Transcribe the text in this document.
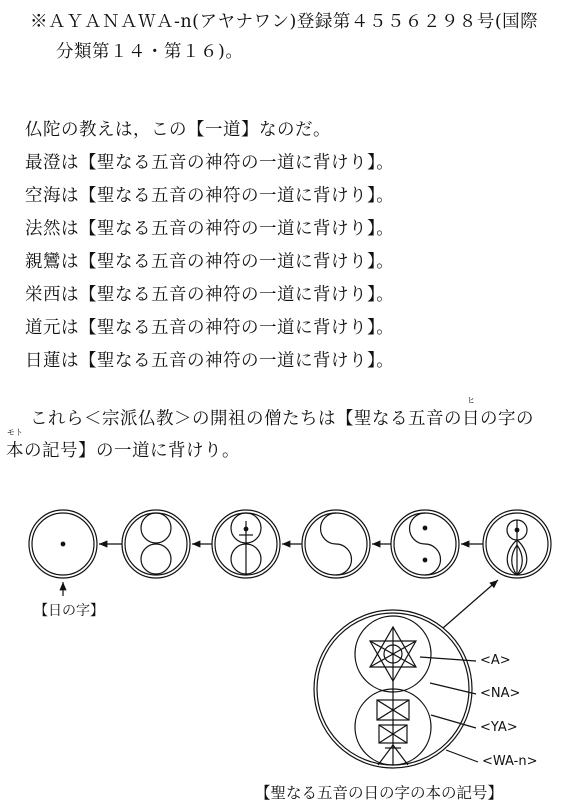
※ＡＹＡＮＡＷＡ-n(アヤナワン)登録第４５５６２９８号(国際
分類第１４・第１６)。
仏陀の教えは，この【一道】なのだ。
最澄は【聖なる五音の神符の一道に背けり】。
空海は【聖なる五音の神符の一道に背けり】。
法然は【聖なる五音の神符の一道に背けり】。
親鸞は【聖なる五音の神符の一道に背けり】。
栄西は【聖なる五音の神符の一道に背けり】。
道元は【聖なる五音の神符の一道に背けり】。
日蓮は【聖なる五音の神符の一道に背けり】。
これら＜宗派仏教＞の開祖の僧たちは【聖なる五音の
ヒ
日の字の
モト
本の記号】の一道に背けり。
【日の字】
<A>
<NA>
<YA>
<WA-n>
【聖なる五音の日の字の本の記号】
